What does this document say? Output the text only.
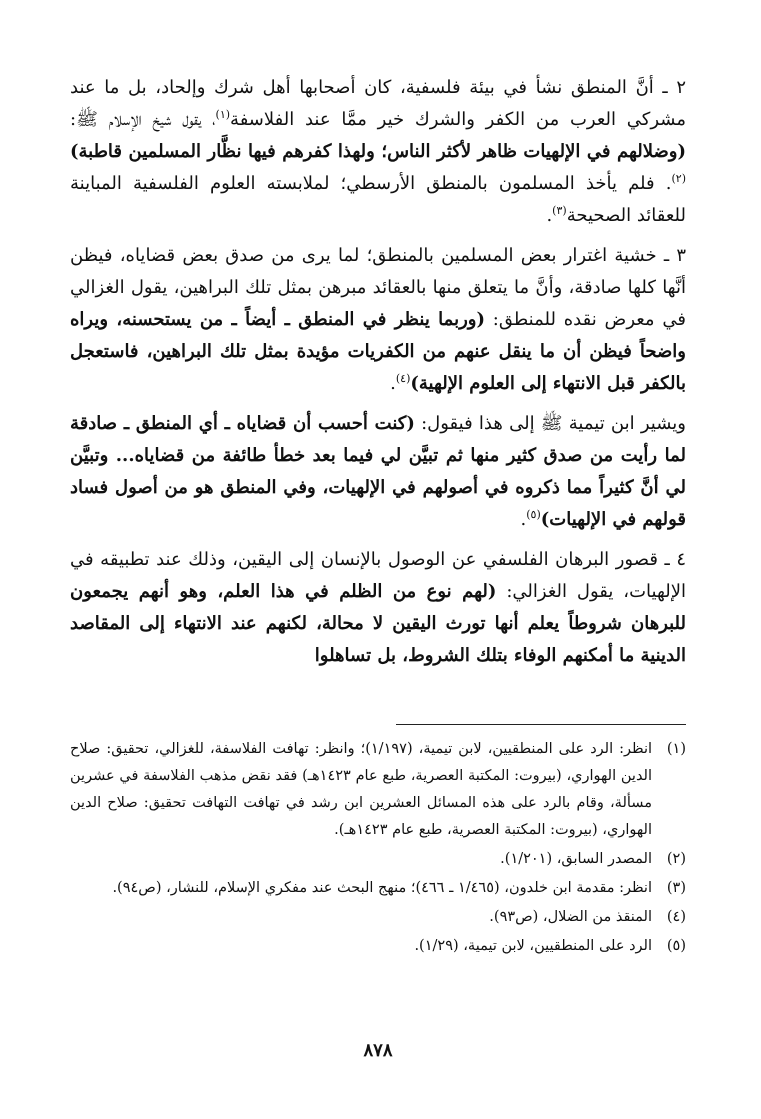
٢ ـ أنَّ المنطق نشأ في بيئة فلسفية، كان أصحابها أهل شرك وإلحاد، بل ما عند مشركي العرب من الكفر والشرك خير ممَّا عند الفلاسفة$^{(١)}$، يقول شيخ الإسلام ﷺ: (وضلالهم في الإلهيات ظاهر لأكثر الناس؛ ولهذا كفرهم فيها نظَّار المسلمين قاطبة)$^{(٢)}$. فلم يأخذ المسلمون بالمنطق الأرسطي؛ لملابسته العلوم الفلسفية المباينة للعقائد الصحيحة$^{(٣)}$.

٣ ـ خشية اغترار بعض المسلمين بالمنطق؛ لما يرى من صدق بعض قضاياه، فيظن أنَّها كلها صادقة، وأنَّ ما يتعلق منها بالعقائد مبرهن بمثل تلك البراهين، يقول الغزالي في معرض نقده للمنطق: (وربما ينظر في المنطق ـ أيضاً ـ من يستحسنه، ويراه واضحاً فيظن أن ما ينقل عنهم من الكفريات مؤيدة بمثل تلك البراهين، فاستعجل بالكفر قبل الانتهاء إلى العلوم الإلهية)$^{(٤)}$.

ويشير ابن تيمية ﷺ إلى هذا فيقول: (كنت أحسب أن قضاياه ـ أي المنطق ـ صادقة لما رأيت من صدق كثير منها ثم تبيَّن لي فيما بعد خطأ طائفة من قضاياه... وتبيَّن لي أنَّ كثيراً مما ذكروه في أصولهم في الإلهيات، وفي المنطق هو من أصول فساد قولهم في الإلهيات)$^{(٥)}$.

٤ ـ قصور البرهان الفلسفي عن الوصول بالإنسان إلى اليقين، وذلك عند تطبيقه في الإلهيات، يقول الغزالي: (لهم نوع من الظلم في هذا العلم، وهو أنهم يجمعون للبرهان شروطاً يعلم أنها تورث اليقين لا محالة، لكنهم عند الانتهاء إلى المقاصد الدينية ما أمكنهم الوفاء بتلك الشروط، بل تساهلوا

(١)
انظر: الرد على المنطقيين، لابن تيمية، (١/١٩٧)؛ وانظر: تهافت الفلاسفة، للغزالي، تحقيق: صلاح الدين الهواري، (بيروت: المكتبة العصرية، طبع عام ١٤٢٣هـ) فقد نقض مذهب الفلاسفة في عشرين مسألة، وقام بالرد على هذه المسائل العشرين ابن رشد في تهافت التهافت تحقيق: صلاح الدين الهواري، (بيروت: المكتبة العصرية، طبع عام ١٤٢٣هـ).
(٢)
المصدر السابق، (١/٢٠١).
(٣)
انظر: مقدمة ابن خلدون، (١/٤٦٥ ـ ٤٦٦)؛ منهج البحث عند مفكري الإسلام، للنشار، (ص٩٤).
(٤)
المنقذ من الضلال، (ص٩٣).
(٥)
الرد على المنطقيين، لابن تيمية، (١/٢٩).
٨٧٨
